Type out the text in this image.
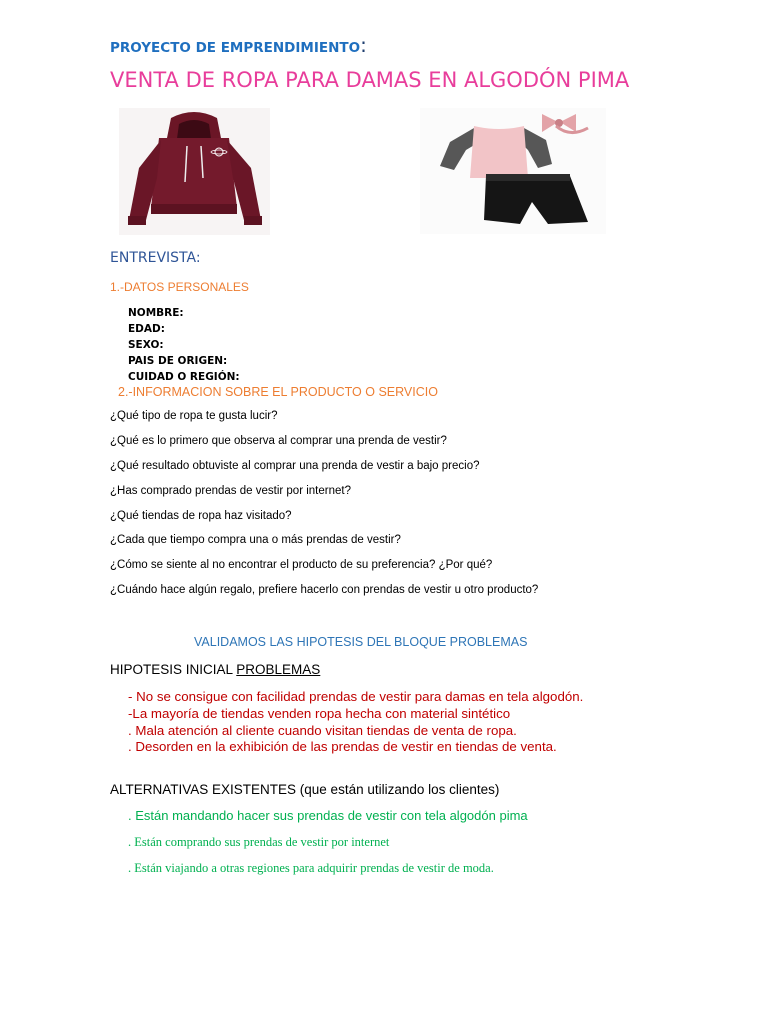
PROYECTO DE EMPRENDIMIENTO:
VENTA DE ROPA PARA DAMAS EN ALGODÓN PIMA
ENTREVISTA:
1.-DATOS PERSONALES
NOMBRE:
EDAD:
SEXO:
PAIS DE ORIGEN:
CUIDAD O REGIÓN:
2.-INFORMACION SOBRE EL PRODUCTO O SERVICIO
¿Qué tipo de ropa te gusta lucir?
¿Qué es lo primero que observa al comprar una prenda de vestir?
¿Qué resultado obtuviste al comprar una prenda de vestir a bajo precio?
¿Has comprado prendas de vestir por internet?
¿Qué tiendas de ropa haz visitado?
¿Cada que tiempo compra una o más prendas de vestir?
¿Cómo se siente al no encontrar el producto de su preferencia? ¿Por qué?
¿Cuándo hace algún regalo, prefiere hacerlo con prendas de vestir u otro producto?
VALIDAMOS LAS HIPOTESIS DEL BLOQUE PROBLEMAS
HIPOTESIS INICIAL PROBLEMAS
- No se consigue con facilidad prendas de vestir para damas en tela algodón.
-La mayoría de tiendas venden ropa hecha con material sintético
. Mala atención al cliente cuando visitan tiendas de venta de ropa.
. Desorden en la exhibición de las prendas de vestir en tiendas de venta.
ALTERNATIVAS EXISTENTES (que están utilizando los clientes)
. Están mandando hacer sus prendas de vestir con tela algodón pima
. Están comprando sus prendas de vestir por internet
. Están viajando a otras regiones para adquirir prendas de vestir de moda.
